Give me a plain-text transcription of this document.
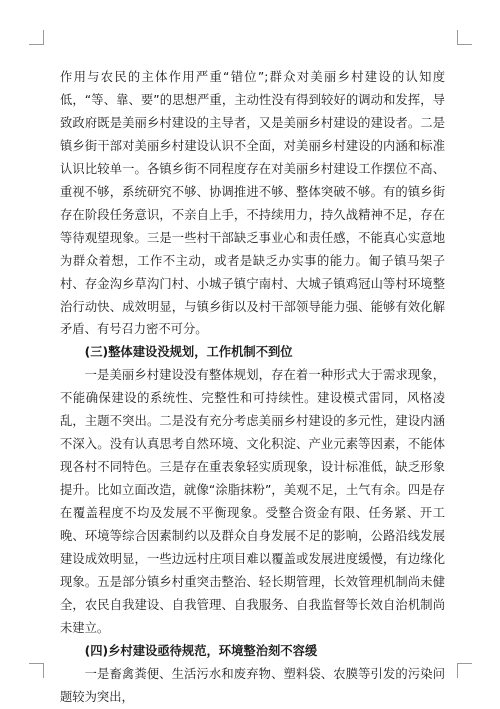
作用与农民的主体作用严重“错位”;群众对美丽乡村建设的认知度低，“等、靠、要”的思想严重，主动性没有得到较好的调动和发挥，导致政府既是美丽乡村建设的主导者，又是美丽乡村建设的建设者。二是镇乡街干部对美丽乡村建设认识不全面，对美丽乡村建设的内涵和标准认识比较单一。各镇乡街不同程度存在对美丽乡村建设工作摆位不高、重视不够，系统研究不够、协调推进不够、整体突破不够。有的镇乡街存在阶段任务意识，不亲自上手，不持续用力，持久战精神不足，存在等待观望现象。三是一些村干部缺乏事业心和责任感，不能真心实意地为群众着想，工作不主动，或者是缺乏办实事的能力。匍子镇马架子村、存金沟乡草沟门村、小城子镇宁南村、大城子镇鸡冠山等村环境整治行动快、成效明显，与镇乡街以及村干部领导能力强、能够有效化解矛盾、有号召力密不可分。

(三)整体建设没规划，工作机制不到位

一是美丽乡村建设没有整体规划，存在着一种形式大于需求现象，不能确保建设的系统性、完整性和可持续性。建设模式雷同，风格凌乱，主题不突出。二是没有充分考虑美丽乡村建设的多元性，建设内涵不深入。没有认真思考自然环境、文化积淀、产业元素等因素，不能体现各村不同特色。三是存在重表象轻实质现象，设计标准低，缺乏形象提升。比如立面改造，就像“涂脂抹粉”，美观不足，土气有余。四是存在覆盖程度不均及发展不平衡现象。受整合资金有限、任务紧、开工晚、环境等综合因素制约以及群众自身发展不足的影响，公路沿线发展建设成效明显，一些边远村庄项目难以覆盖或发展进度缓慢，有边缘化现象。五是部分镇乡村重突击整治、轻长期管理，长效管理机制尚未健全，农民自我建设、自我管理、自我服务、自我监督等长效自治机制尚未建立。

(四)乡村建设亟待规范，环境整治刻不容缓

一是畜禽粪便、生活污水和废弃物、塑料袋、农膜等引发的污染问题较为突出，
